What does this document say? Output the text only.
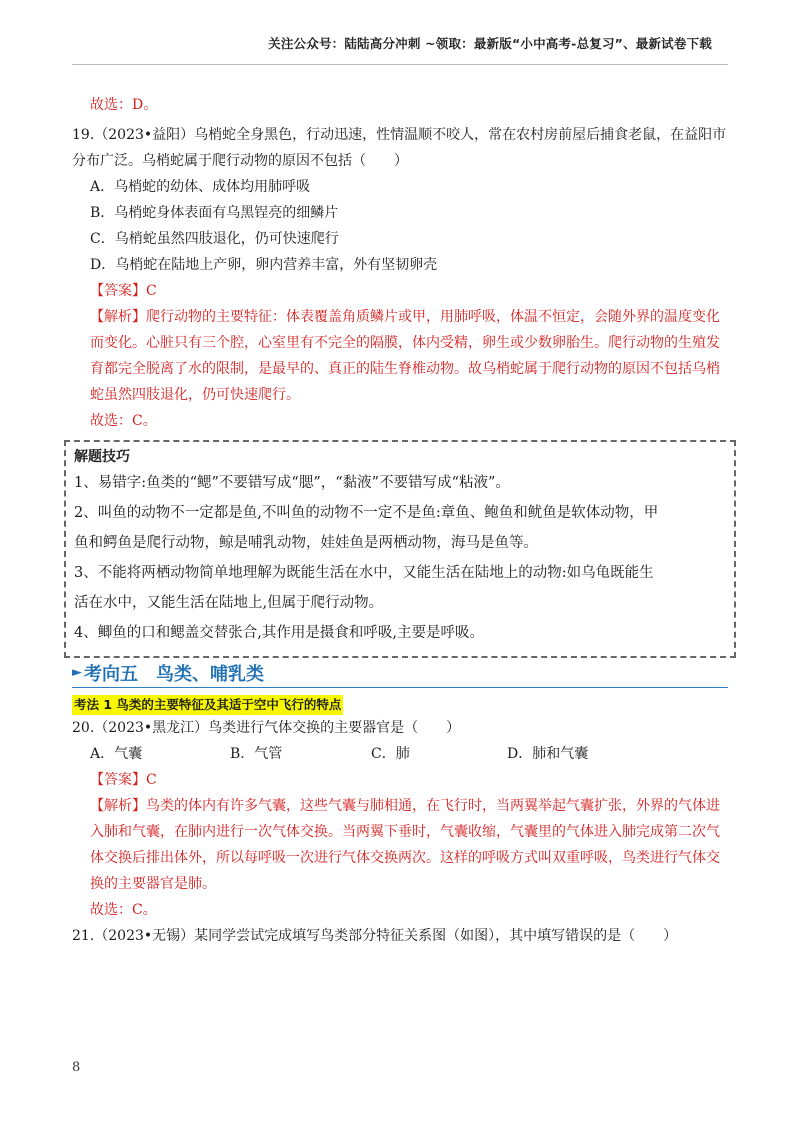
关注公众号：陆陆高分冲刺 ~领取：最新版“小中高考-总复习”、最新试卷下载
故选：D。
19.（2023•益阳）乌梢蛇全身黑色，行动迅速，性情温顺不咬人，常在农村房前屋后捕食老鼠，在益阳市
分布广泛。乌梢蛇属于爬行动物的原因不包括（　　）
A．乌梢蛇的幼体、成体均用肺呼吸
B．乌梢蛇身体表面有乌黑锃亮的细鳞片
C．乌梢蛇虽然四肢退化，仍可快速爬行
D．乌梢蛇在陆地上产卵，卵内营养丰富，外有坚韧卵壳
【答案】C
【解析】爬行动物的主要特征：体表覆盖角质鳞片或甲，用肺呼吸，体温不恒定，会随外界的温度变化
而变化。心脏只有三个腔，心室里有不完全的隔膜，体内受精，卵生或少数卵胎生。爬行动物的生殖发
育都完全脱离了水的限制，是最早的、真正的陆生脊椎动物。故乌梢蛇属于爬行动物的原因不包括乌梢
蛇虽然四肢退化，仍可快速爬行。
故选：C。
解题技巧
1、易错字:鱼类的“鳃”不要错写成“腮”，“黏液”不要错写成“粘液”。
2、叫鱼的动物不一定都是鱼,不叫鱼的动物不一定不是鱼:章鱼、鲍鱼和鱿鱼是软体动物，甲
鱼和鳄鱼是爬行动物，鲸是哺乳动物，娃娃鱼是两栖动物，海马是鱼等。
3、不能将两栖动物简单地理解为既能生活在水中，又能生活在陆地上的动物:如乌龟既能生
活在水中，又能生活在陆地上,但属于爬行动物。
4、鲫鱼的口和鳃盖交替张合,其作用是摄食和呼吸,主要是呼吸。
► 考向五　鸟类、哺乳类
考法 1 鸟类的主要特征及其适于空中飞行的特点
20.（2023•黑龙江）鸟类进行气体交换的主要器官是（　　）
A．气囊	B．气管	C．肺	D．肺和气囊
【答案】C
【解析】鸟类的体内有许多气囊，这些气囊与肺相通，在飞行时，当两翼举起气囊扩张，外界的气体进
入肺和气囊，在肺内进行一次气体交换。当两翼下垂时，气囊收缩，气囊里的气体进入肺完成第二次气
体交换后排出体外，所以每呼吸一次进行气体交换两次。这样的呼吸方式叫双重呼吸，鸟类进行气体交
换的主要器官是肺。
故选：C。
21.（2023•无锡）某同学尝试完成填写鸟类部分特征关系图（如图），其中填写错误的是（　　）
8
